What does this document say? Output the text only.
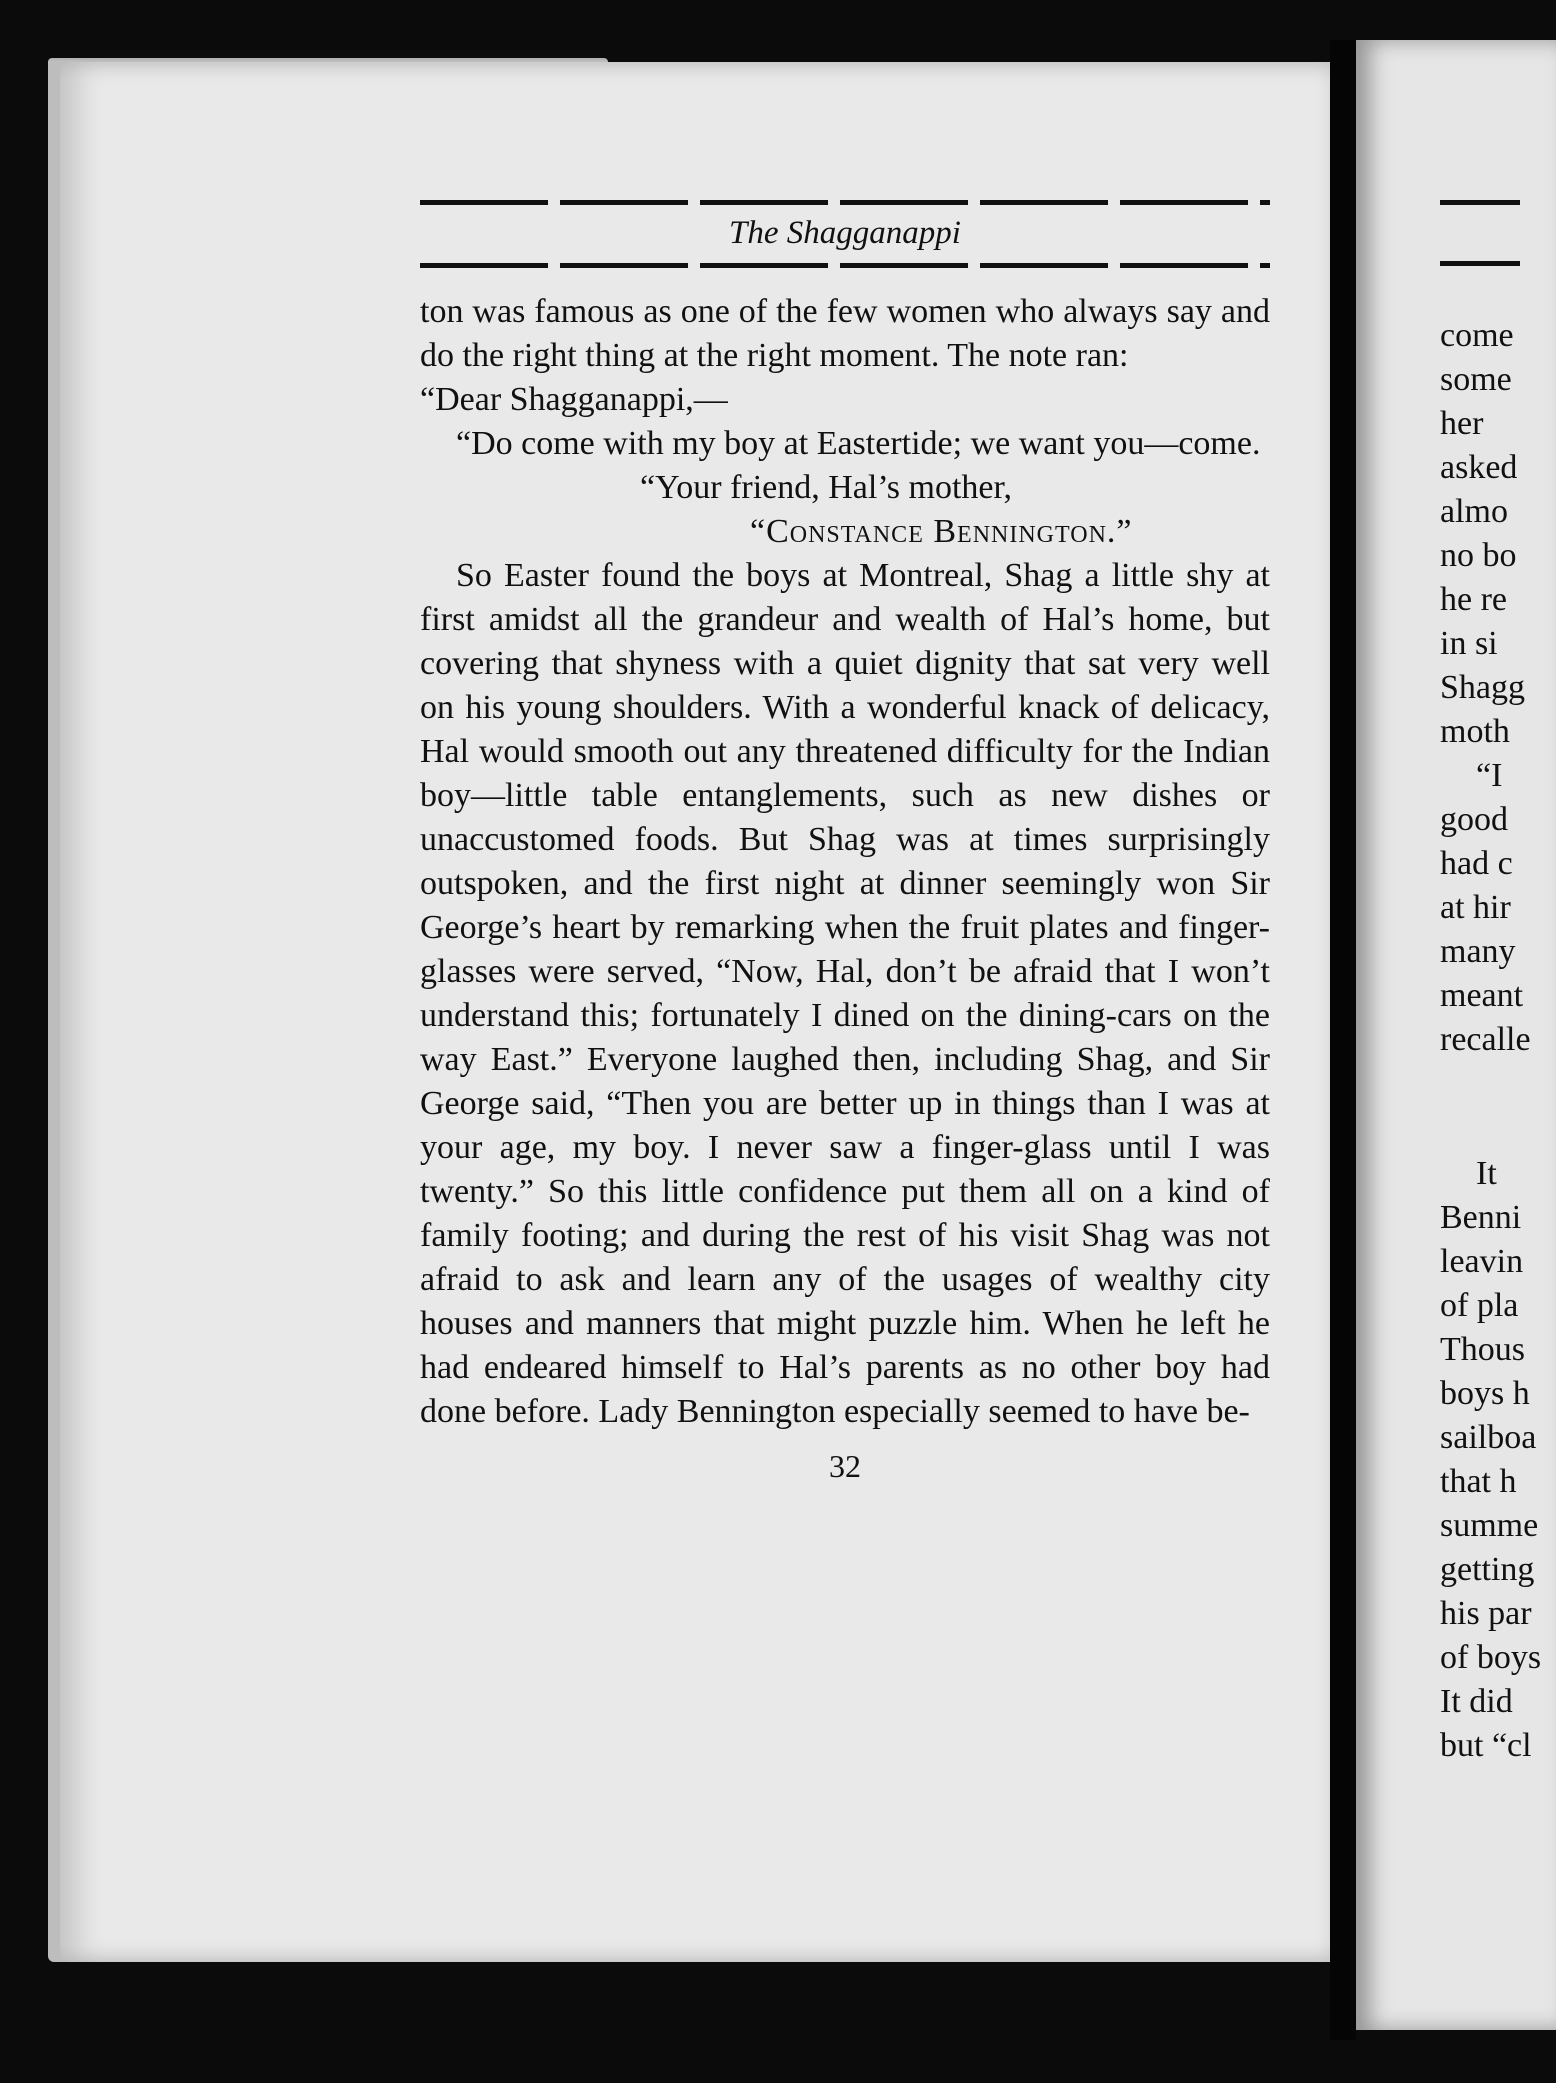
The Shagganappi

ton was famous as one of the few women who always say and do the right thing at the right moment. The note ran:

“Dear Shagganappi,—

“Do come with my boy at Eastertide; we want you—come.

“Your friend, Hal’s mother,

“Constance Bennington.”

So Easter found the boys at Montreal, Shag a little shy at first amidst all the grandeur and wealth of Hal’s home, but covering that shyness with a quiet dignity that sat very well on his young shoulders. With a wonderful knack of delicacy, Hal would smooth out any threatened difficulty for the Indian boy—little table entanglements, such as new dishes or unaccustomed foods. But Shag was at times surprisingly outspoken, and the first night at dinner seemingly won Sir George’s heart by remarking when the fruit plates and finger-glasses were served, “Now, Hal, don’t be afraid that I won’t understand this; fortunately I dined on the dining-cars on the way East.” Everyone laughed then, including Shag, and Sir George said, “Then you are better up in things than I was at your age, my boy. I never saw a finger-glass until I was twenty.” So this little confidence put them all on a kind of family footing; and during the rest of his visit Shag was not afraid to ask and learn any of the usages of wealthy city houses and manners that might puzzle him. When he left he had endeared himself to Hal’s parents as no other boy had done before. Lady Bennington especially seemed to have be-

32
come
some
her
asked
almo
no bo
he re
in si
Shagg
moth
“I
good
had c
at hir
many
meant
recalle
It
Benni
leavin
of pla
Thous
boys h
sailboa
that h
summe
getting
his par
of boys
It did
but “cl
